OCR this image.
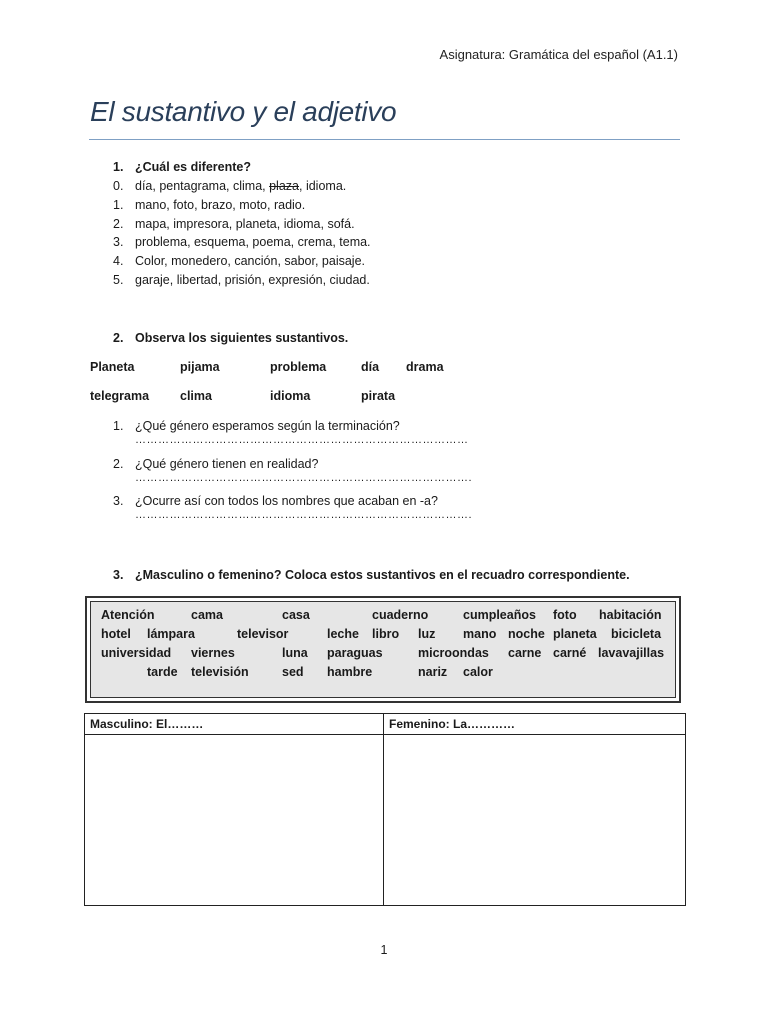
Asignatura: Gramática del español (A1.1)
El sustantivo y el adjetivo
1. ¿Cuál es diferente?
0. día, pentagrama, clima, plaza, idioma.
1. mano, foto, brazo, moto, radio.
2. mapa, impresora, planeta, idioma, sofá.
3. problema, esquema, poema, crema, tema.
4. Color, monedero, canción, sabor, paisaje.
5. garaje, libertad, prisión, expresión, ciudad.
2. Observa los siguientes sustantivos.
Planeta	pijama	problema	día drama
telegrama clima	idioma	pirata
1. ¿Qué género esperamos según la terminación?
……………………………………………………………………………
2. ¿Qué género tienen en realidad?
…………………………………………………………………………….
3. ¿Ocurre así con todos los nombres que acaban en -a?
…………………………………………………………………………….
3. ¿Masculino o femenino? Coloca estos sustantivos en el recuadro correspondiente.
Atención	cama	casa	cuaderno	cumpleaños foto habitación
hotel lámpara	televisor	leche libro luz mano noche planeta bicicleta
universidad viernes	luna paraguas	microondas carne carné lavavajillas
tarde televisión	sed hambre	nariz calor
Masculino: El………	Femenino: La…………

1
